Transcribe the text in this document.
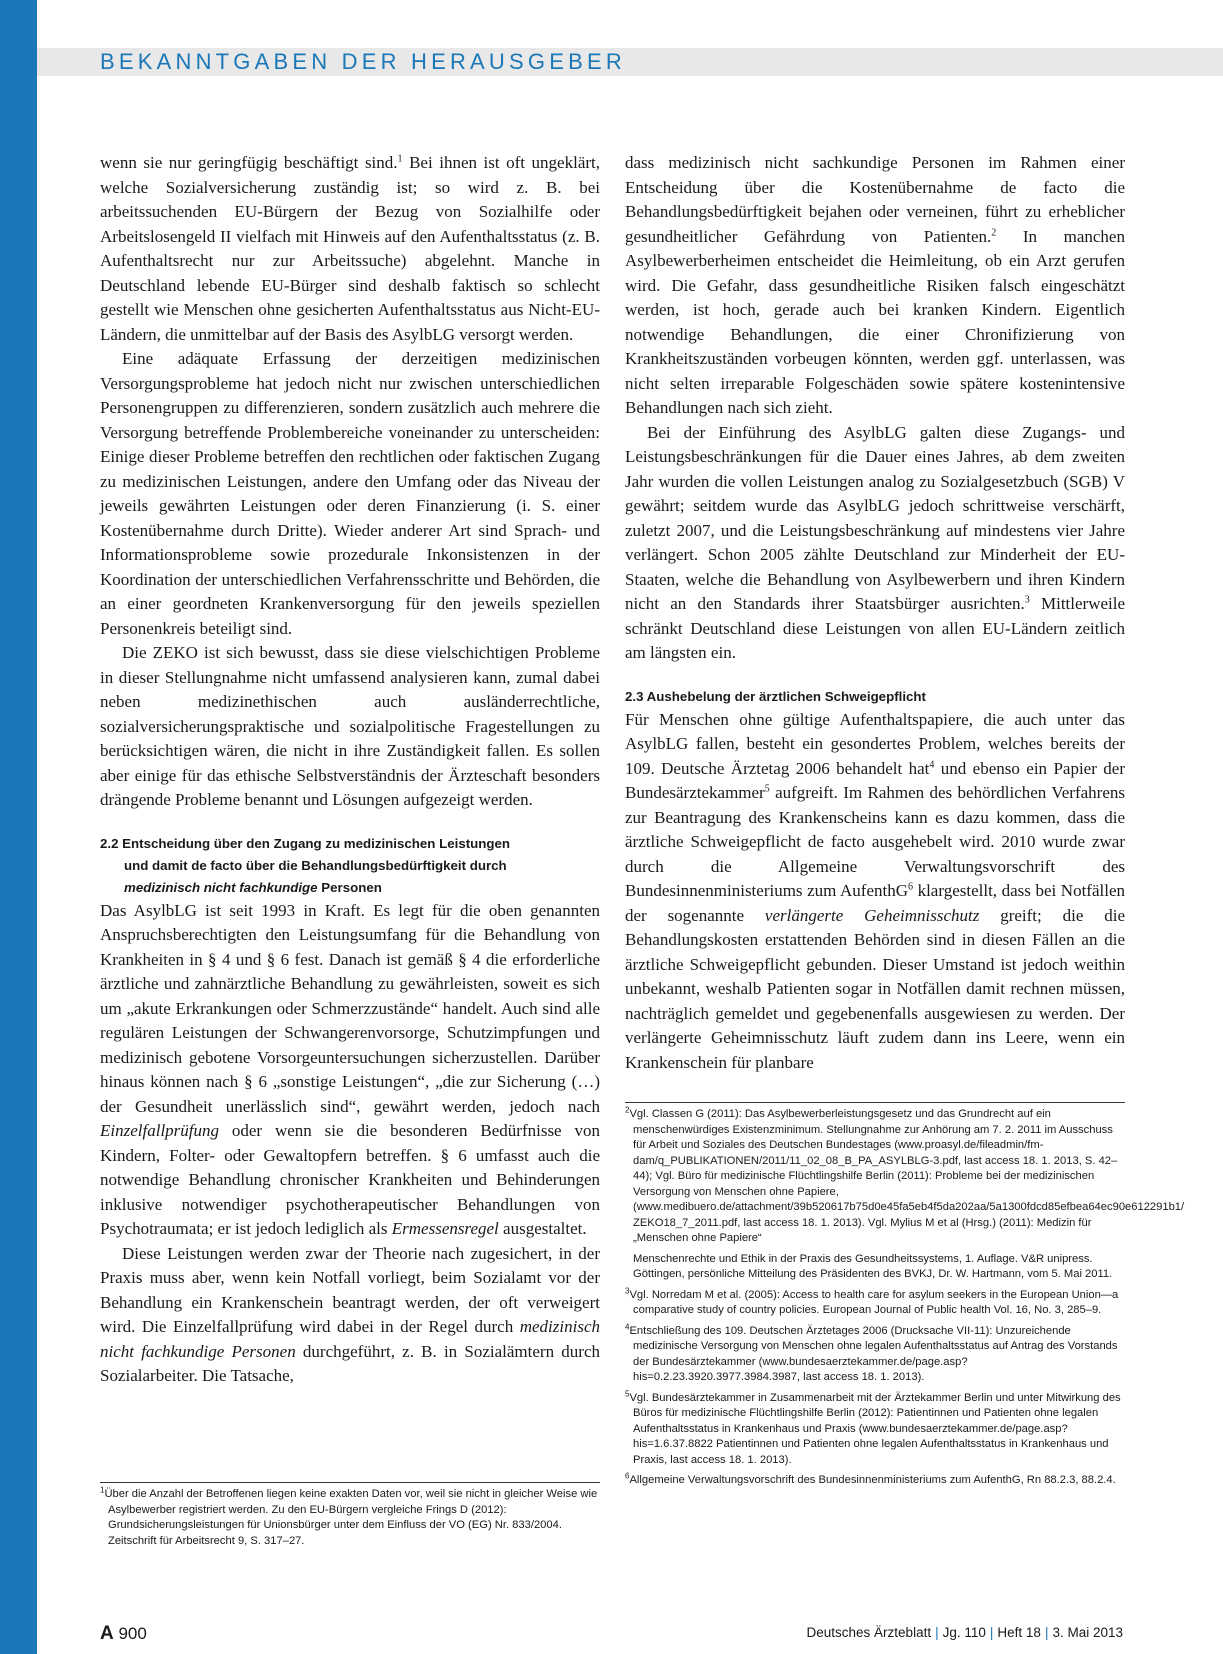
BEKANNTGABEN DER HERAUSGEBER

wenn sie nur geringfügig beschäftigt sind.$^1$ Bei ihnen ist oft ungeklärt, welche Sozialversicherung zuständig ist; so wird z. B. bei arbeitssuchenden EU-Bürgern der Bezug von Sozialhilfe oder Arbeitslosengeld II vielfach mit Hinweis auf den Aufenthaltsstatus (z. B. Aufenthaltsrecht nur zur Arbeitssuche) abgelehnt. Manche in Deutschland lebende EU-Bürger sind deshalb faktisch so schlecht gestellt wie Menschen ohne gesicherten Aufenthaltsstatus aus Nicht-EU-Ländern, die unmittelbar auf der Basis des AsylbLG versorgt werden.

Eine adäquate Erfassung der derzeitigen medizinischen Versorgungsprobleme hat jedoch nicht nur zwischen unterschiedlichen Personengruppen zu differenzieren, sondern zusätzlich auch mehrere die Versorgung betreffende Problembereiche voneinander zu unterscheiden: Einige dieser Probleme betreffen den rechtlichen oder faktischen Zugang zu medizinischen Leistungen, andere den Umfang oder das Niveau der jeweils gewährten Leistungen oder deren Finanzierung (i. S. einer Kostenübernahme durch Dritte). Wieder anderer Art sind Sprach- und Informationsprobleme sowie prozedurale Inkonsistenzen in der Koordination der unterschiedlichen Verfahrensschritte und Behörden, die an einer geordneten Krankenversorgung für den jeweils speziellen Personenkreis beteiligt sind.

Die ZEKO ist sich bewusst, dass sie diese vielschichtigen Probleme in dieser Stellungnahme nicht umfassend analysieren kann, zumal dabei neben medizinethischen auch ausländerrechtliche, sozialversicherungspraktische und sozialpolitische Fragestellungen zu berücksichtigen wären, die nicht in ihre Zuständigkeit fallen. Es sollen aber einige für das ethische Selbstverständnis der Ärzteschaft besonders drängende Probleme benannt und Lösungen aufgezeigt werden.

2.2 Entscheidung über den Zugang zu medizinischen Leistungen
und damit de facto über die Behandlungsbedürftigkeit durch
medizinisch nicht fachkundige Personen

Das AsylbLG ist seit 1993 in Kraft. Es legt für die oben genannten Anspruchsberechtigten den Leistungsumfang für die Behandlung von Krankheiten in § 4 und § 6 fest. Danach ist gemäß § 4 die erforderliche ärztliche und zahnärztliche Behandlung zu gewährleisten, soweit es sich um „akute Erkrankungen oder Schmerzzustände“ handelt. Auch sind alle regulären Leistungen der Schwangerenvorsorge, Schutzimpfungen und medizinisch gebotene Vorsorgeuntersuchungen sicherzustellen. Darüber hinaus können nach § 6 „sonstige Leistungen“, „die zur Sicherung (…) der Gesundheit unerlässlich sind“, gewährt werden, jedoch nach Einzelfallprüfung oder wenn sie die besonderen Bedürfnisse von Kindern, Folter- oder Gewaltopfern betreffen. § 6 umfasst auch die notwendige Behandlung chronischer Krankheiten und Behinderungen inklusive notwendiger psychotherapeutischer Behandlungen von Psychotraumata; er ist jedoch lediglich als Ermessensregel ausgestaltet.

Diese Leistungen werden zwar der Theorie nach zugesichert, in der Praxis muss aber, wenn kein Notfall vorliegt, beim Sozialamt vor der Behandlung ein Krankenschein beantragt werden, der oft verweigert wird. Die Einzelfallprüfung wird dabei in der Regel durch medizinisch nicht fachkundige Personen durchgeführt, z. B. in Sozialämtern durch Sozialarbeiter. Die Tatsache,

dass medizinisch nicht sachkundige Personen im Rahmen einer Entscheidung über die Kostenübernahme de facto die Behandlungsbedürftigkeit bejahen oder verneinen, führt zu erheblicher gesundheitlicher Gefährdung von Patienten.$^2$ In manchen Asylbewerberheimen entscheidet die Heimleitung, ob ein Arzt gerufen wird. Die Gefahr, dass gesundheitliche Risiken falsch eingeschätzt werden, ist hoch, gerade auch bei kranken Kindern. Eigentlich notwendige Behandlungen, die einer Chronifizierung von Krankheitszuständen vorbeugen könnten, werden ggf. unterlassen, was nicht selten irreparable Folgeschäden sowie spätere kostenintensive Behandlungen nach sich zieht.

Bei der Einführung des AsylbLG galten diese Zugangs- und Leistungsbeschränkungen für die Dauer eines Jahres, ab dem zweiten Jahr wurden die vollen Leistungen analog zu Sozialgesetzbuch (SGB) V gewährt; seitdem wurde das AsylbLG jedoch schrittweise verschärft, zuletzt 2007, und die Leistungsbeschränkung auf mindestens vier Jahre verlängert. Schon 2005 zählte Deutschland zur Minderheit der EU-Staaten, welche die Behandlung von Asylbewerbern und ihren Kindern nicht an den Standards ihrer Staatsbürger ausrichten.$^3$ Mittlerweile schränkt Deutschland diese Leistungen von allen EU-Ländern zeitlich am längsten ein.

2.3 Aushebelung der ärztlichen Schweigepflicht

Für Menschen ohne gültige Aufenthaltspapiere, die auch unter das AsylbLG fallen, besteht ein gesondertes Problem, welches bereits der 109. Deutsche Ärztetag 2006 behandelt hat$^4$ und ebenso ein Papier der Bundesärztekammer$^5$ aufgreift. Im Rahmen des behördlichen Verfahrens zur Beantragung des Krankenscheins kann es dazu kommen, dass die ärztliche Schweigepflicht de facto ausgehebelt wird. 2010 wurde zwar durch die Allgemeine Verwaltungsvorschrift des Bundesinnenministeriums zum AufenthG$^6$ klargestellt, dass bei Notfällen der sogenannte verlängerte Geheimnisschutz greift; die die Behandlungskosten erstattenden Behörden sind in diesen Fällen an die ärztliche Schweigepflicht gebunden. Dieser Umstand ist jedoch weithin unbekannt, weshalb Patienten sogar in Notfällen damit rechnen müssen, nachträglich gemeldet und gegebenenfalls ausgewiesen zu werden. Der verlängerte Geheimnisschutz läuft zudem dann ins Leere, wenn ein Krankenschein für planbare

$^1$Über die Anzahl der Betroffenen liegen keine exakten Daten vor, weil sie nicht in gleicher Weise wie Asylbewerber registriert werden. Zu den EU-Bürgern vergleiche Frings D (2012): Grundsicherungsleistungen für Unionsbürger unter dem Einfluss der VO (EG) Nr. 833/2004. Zeitschrift für Arbeitsrecht 9, S. 317–27.

$^2$Vgl. Classen G (2011): Das Asylbewerberleistungsgesetz und das Grundrecht auf ein menschenwürdiges Existenzminimum. Stellungnahme zur Anhörung am 7. 2. 2011 im Ausschuss für Arbeit und Soziales des Deutschen Bundestages (www.proasyl.de/fileadmin/fm-dam/q_PUBLIKATIONEN/2011/11_02_08_B_PA_ASYLBLG-3.pdf, last access 18. 1. 2013, S. 42–44); Vgl. Büro für medizinische Flüchtlingshilfe Berlin (2011): Probleme bei der medizinischen Versorgung von Menschen ohne Papiere, (www.medibuero.de/attachment/39b520617b75d0e45fa5eb4f5da202aa/5a1300fdcd85efbea64ec90e612291b1/ ZEKO18_7_2011.pdf, last access 18. 1. 2013). Vgl. Mylius M et al (Hrsg.) (2011): Medizin für „Menschen ohne Papiere“

Menschenrechte und Ethik in der Praxis des Gesundheitssystems, 1. Auflage. V&R unipress. Göttingen, persönliche Mitteilung des Präsidenten des BVKJ, Dr. W. Hartmann, vom 5. Mai 2011.

$^3$Vgl. Norredam M et al. (2005): Access to health care for asylum seekers in the European Union—a comparative study of country policies. European Journal of Public health Vol. 16, No. 3, 285–9.

$^4$Entschließung des 109. Deutschen Ärztetages 2006 (Drucksache VII-11): Unzureichende medizinische Versorgung von Menschen ohne legalen Aufenthaltsstatus auf Antrag des Vorstands der Bundesärztekammer (www.bundesaerztekammer.de/page.asp?his=0.2.23.3920.3977.3984.3987, last access 18. 1. 2013).

$^5$Vgl. Bundesärztekammer in Zusammenarbeit mit der Ärztekammer Berlin und unter Mitwirkung des Büros für medizinische Flüchtlingshilfe Berlin (2012): Patientinnen und Patienten ohne legalen Aufenthaltsstatus in Krankenhaus und Praxis (www.bundesaerztekammer.de/page.asp?his=1.6.37.8822 Patientinnen und Patienten ohne legalen Aufenthaltsstatus in Krankenhaus und Praxis, last access 18. 1. 2013).

$^6$Allgemeine Verwaltungsvorschrift des Bundesinnenministeriums zum AufenthG, Rn 88.2.3, 88.2.4.

A 900	Deutsches Ärzteblatt | Jg. 110 | Heft 18 | 3. Mai 2013
